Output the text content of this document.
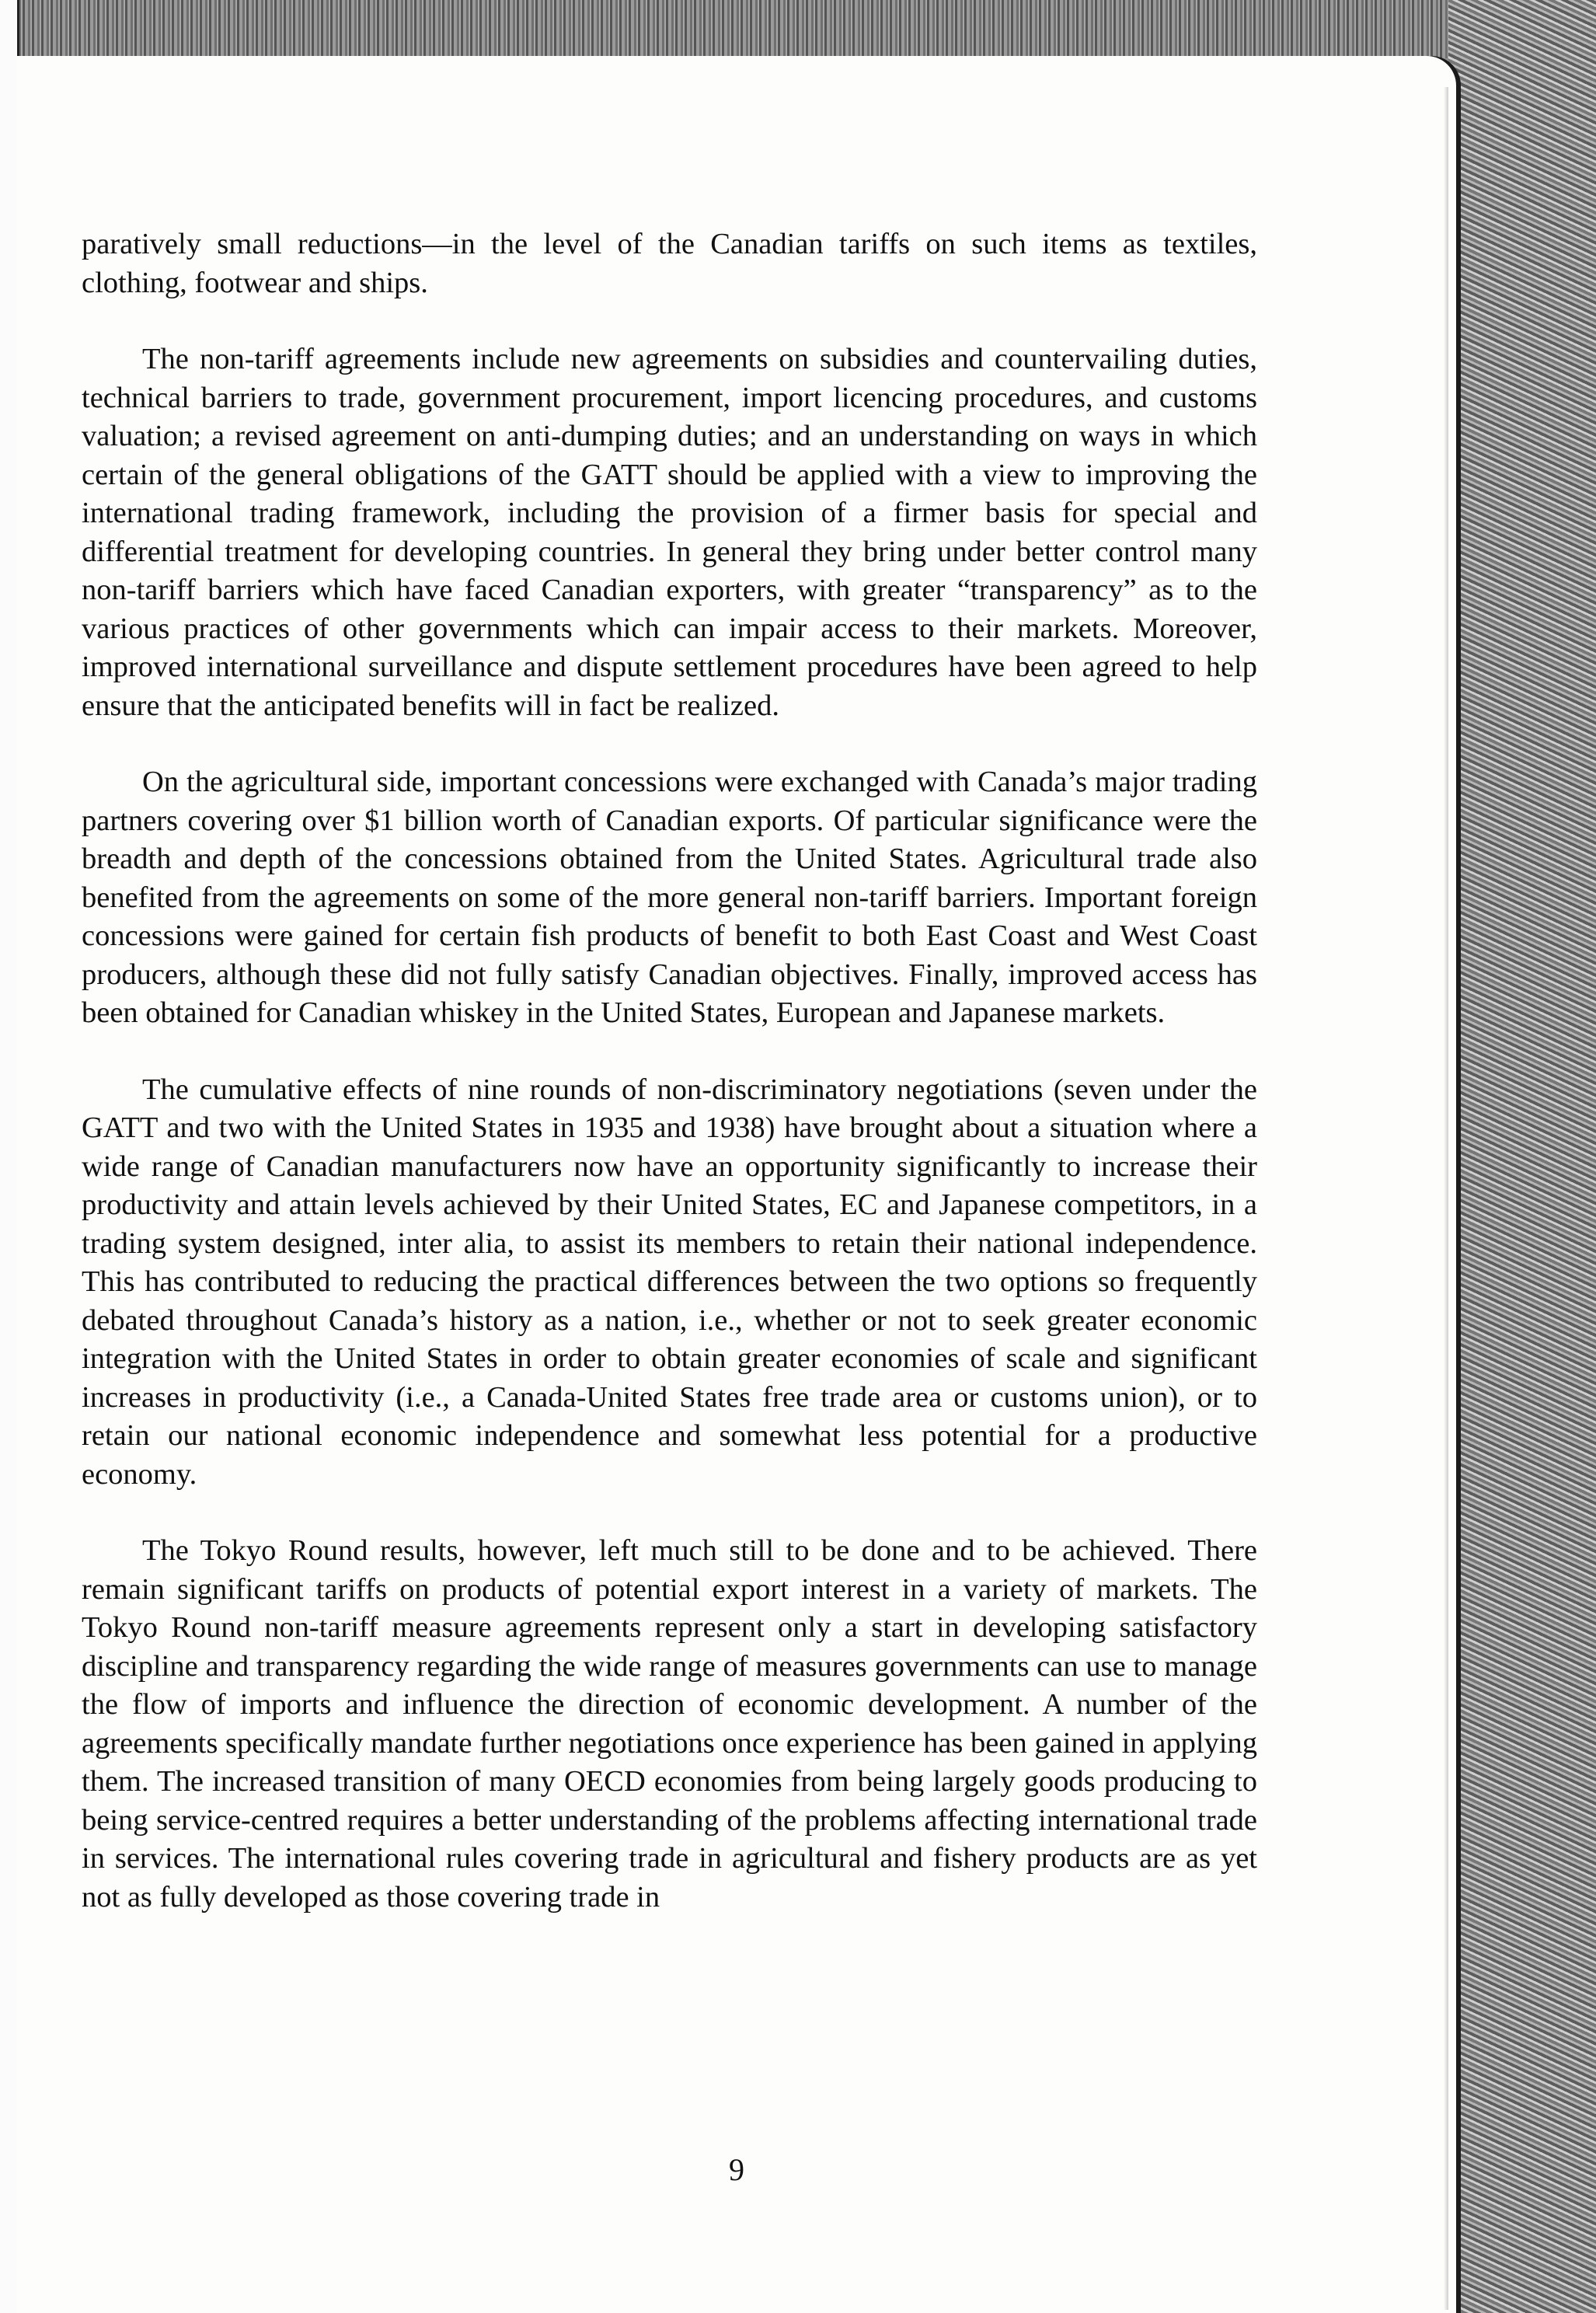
paratively small reductions—in the level of the Canadian tariffs on such items as textiles, clothing, footwear and ships.

The non-tariff agreements include new agreements on subsidies and countervailing duties, technical barriers to trade, government procurement, import licencing procedures, and customs valuation; a revised agreement on anti-dumping duties; and an understanding on ways in which certain of the general obligations of the GATT should be applied with a view to improving the international trading framework, including the provision of a firmer basis for special and differential treatment for developing countries. In general they bring under better control many non-tariff barriers which have faced Canadian exporters, with greater “transparency” as to the various practices of other governments which can impair access to their markets. Moreover, improved international surveillance and dispute settlement procedures have been agreed to help ensure that the anticipated benefits will in fact be realized.

On the agricultural side, important concessions were exchanged with Canada’s major trading partners covering over $1 billion worth of Canadian exports. Of particular significance were the breadth and depth of the concessions obtained from the United States. Agricultural trade also benefited from the agreements on some of the more general non-tariff barriers. Important foreign concessions were gained for certain fish products of benefit to both East Coast and West Coast producers, although these did not fully satisfy Canadian objectives. Finally, improved access has been obtained for Canadian whiskey in the United States, European and Japanese markets.

The cumulative effects of nine rounds of non-discriminatory negotiations (seven under the GATT and two with the United States in 1935 and 1938) have brought about a situation where a wide range of Canadian manufacturers now have an opportunity significantly to increase their productivity and attain levels achieved by their United States, EC and Japanese competitors, in a trading system designed, inter alia, to assist its members to retain their national independence. This has contributed to reducing the practical differences between the two options so frequently debated throughout Canada’s history as a nation, i.e., whether or not to seek greater economic integration with the United States in order to obtain greater economies of scale and significant increases in productivity (i.e., a Canada-United States free trade area or customs union), or to retain our national economic independence and somewhat less potential for a productive economy.

The Tokyo Round results, however, left much still to be done and to be achieved. There remain significant tariffs on products of potential export interest in a variety of markets. The Tokyo Round non-tariff measure agreements represent only a start in developing satisfactory discipline and transparency regarding the wide range of measures governments can use to manage the flow of imports and influence the direction of economic development. A number of the agreements specifically mandate further negotiations once experience has been gained in applying them. The increased transition of many OECD economies from being largely goods producing to being service-centred requires a better understanding of the problems affecting international trade in services. The international rules covering trade in agricultural and fishery products are as yet not as fully developed as those covering trade in

9
